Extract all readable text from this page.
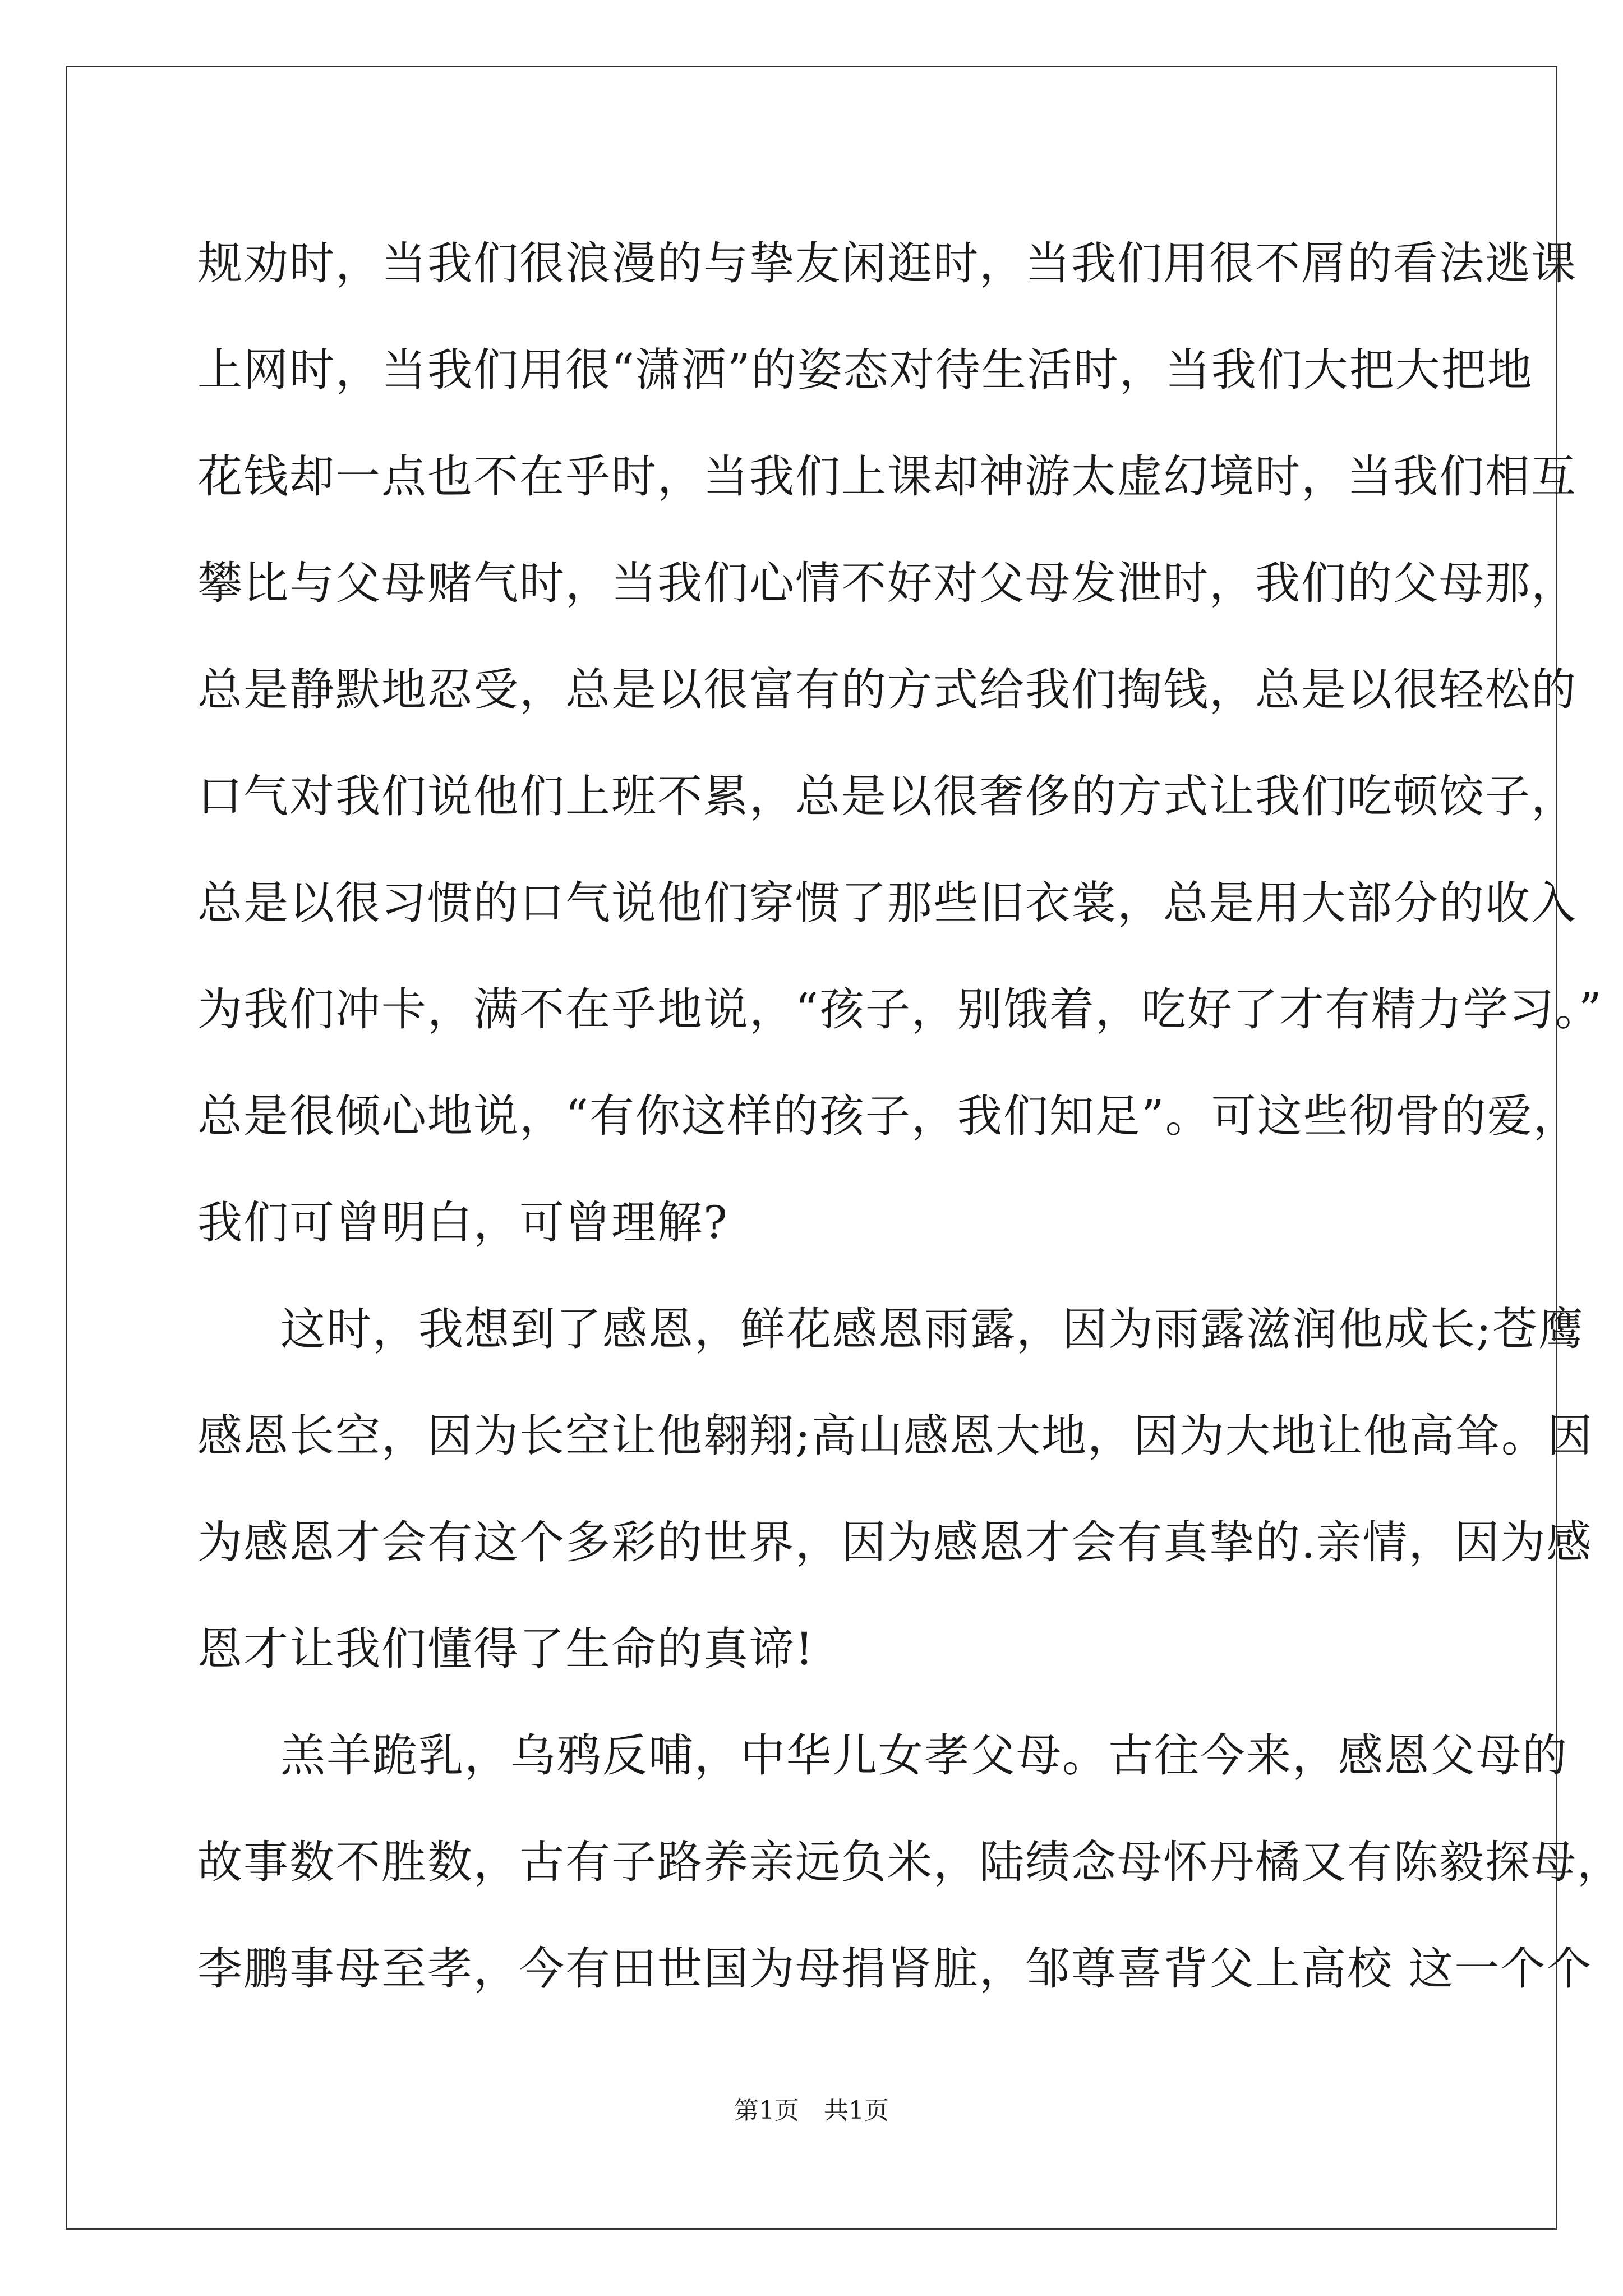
规劝时，当我们很浪漫的与挚友闲逛时，当我们用很不屑的看法逃课
上网时，当我们用很“潇洒”的姿态对待生活时，当我们大把大把地
花钱却一点也不在乎时，当我们上课却神游太虚幻境时，当我们相互
攀比与父母赌气时，当我们心情不好对父母发泄时，我们的父母那，
总是静默地忍受，总是以很富有的方式给我们掏钱，总是以很轻松的
口气对我们说他们上班不累，总是以很奢侈的方式让我们吃顿饺子，
总是以很习惯的口气说他们穿惯了那些旧衣裳，总是用大部分的收入
为我们冲卡，满不在乎地说，“孩子，别饿着，吃好了才有精力学习。”
总是很倾心地说，“有你这样的孩子，我们知足”。可这些彻骨的爱，
我们可曾明白，可曾理解?
这时，我想到了感恩，鲜花感恩雨露，因为雨露滋润他成长;苍鹰
感恩长空，因为长空让他翱翔;高山感恩大地，因为大地让他高耸。因
为感恩才会有这个多彩的世界，因为感恩才会有真挚的.亲情，因为感
恩才让我们懂得了生命的真谛!
羔羊跪乳，乌鸦反哺，中华儿女孝父母。古往今来，感恩父母的
故事数不胜数，古有子路养亲远负米，陆绩念母怀丹橘又有陈毅探母，
李鹏事母至孝，今有田世国为母捐肾脏，邹尊喜背父上高校 这一个个
第1页 共1页
